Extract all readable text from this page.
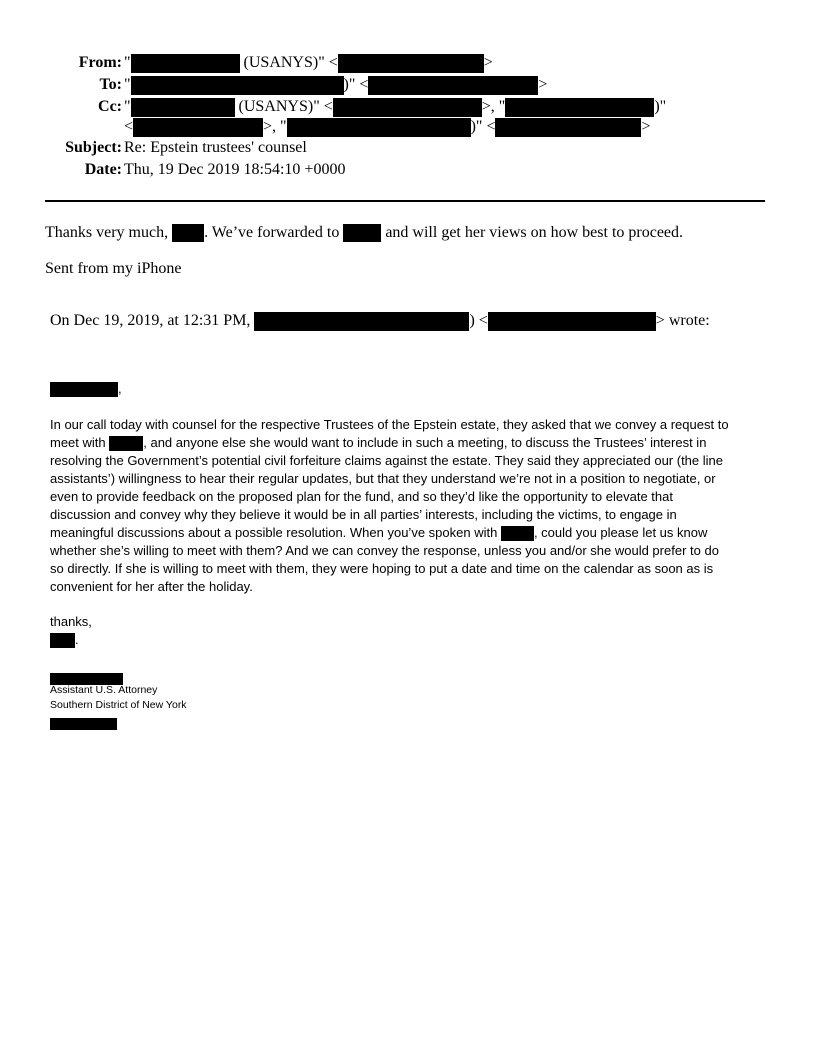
From: "	(USANYS)" <	>
To: "	)" <	>
Cc: "	(USANYS)" <	>, "	)"
<	>, "	)" <	>
Subject: Re: Epstein trustees' counsel
Date: Thu, 19 Dec 2019 18:54:10 +0000
Thanks very much, . We’ve forwarded to  and will get her views on how best to proceed.
Sent from my iPhone
On Dec 19, 2019, at 12:31 PM,	) <	> wrote:
,
In our call today with counsel for the respective Trustees of the Epstein estate, they asked that we convey a request to
meet with	, and anyone else she would want to include in such a meeting, to discuss the Trustees’ interest in
resolving the Government’s potential civil forfeiture claims against the estate. They said they appreciated our (the line
assistants’) willingness to hear their regular updates, but that they understand we’re not in a position to negotiate, or
even to provide feedback on the proposed plan for the fund, and so they’d like the opportunity to elevate that
discussion and convey why they believe it would be in all parties’ interests, including the victims, to engage in
meaningful discussions about a possible resolution. When you’ve spoken with	, could you please let us know
whether she’s willing to meet with them? And we can convey the response, unless you and/or she would prefer to do
so directly. If she is willing to meet with them, they were hoping to put a date and time on the calendar as soon as is
convenient for her after the holiday.
thanks,
.
Assistant U.S. Attorney
Southern District of New York
